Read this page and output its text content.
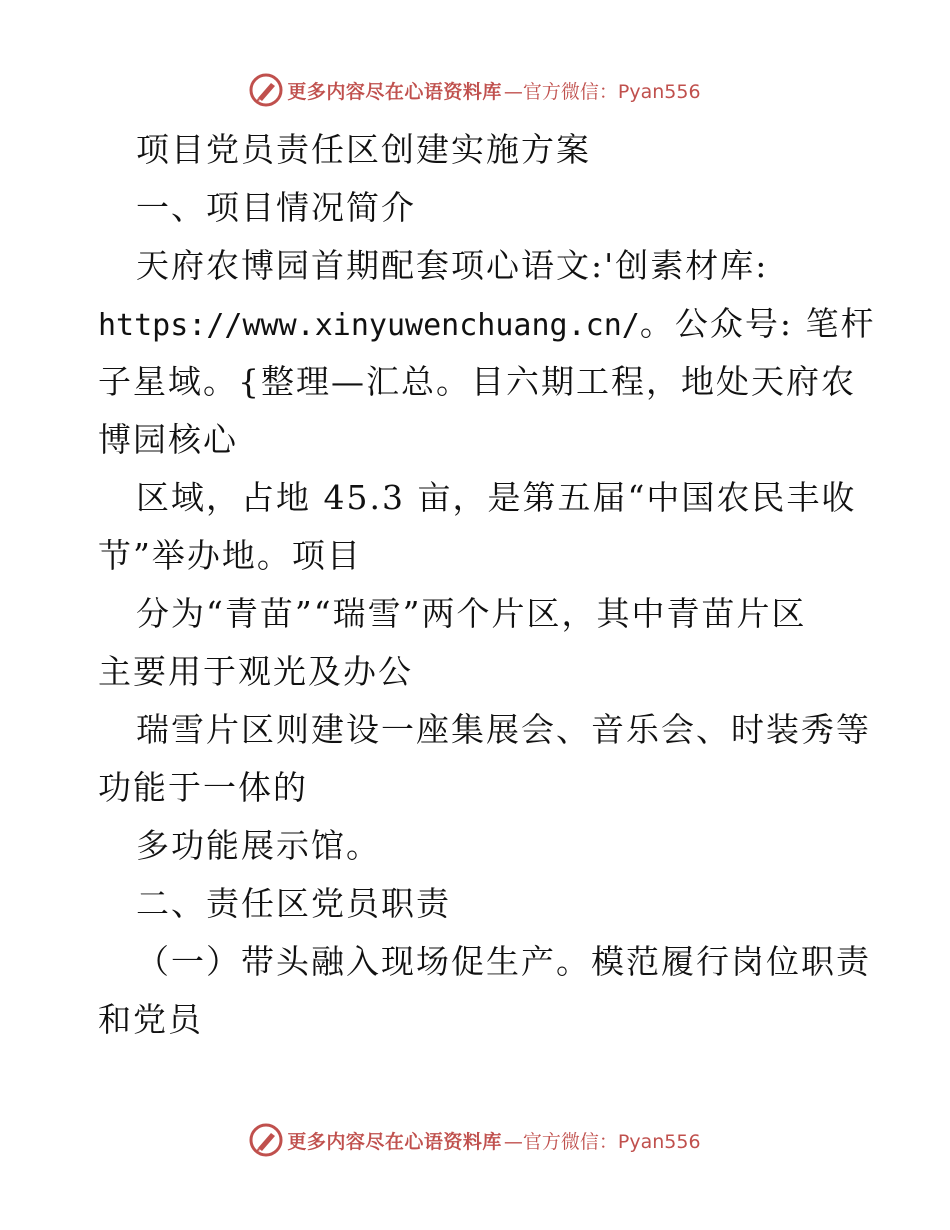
更多内容尽在心语资料库 —官方微信：Pyan556
项目党员责任区创建实施方案
一、项目情况简介
天府农博园首期配套项心语文:'创素材库:
https://www.xinyuwenchuang.cn/。公众号: 笔杆
子星域。{整理—汇总。目六期工程，地处天府农
博园核心
区域，占地 45.3 亩，是第五届“中国农民丰收
节”举办地。项目
分为“青苗”“瑞雪”两个片区，其中青苗片区
主要用于观光及办公
瑞雪片区则建设一座集展会、音乐会、时装秀等
功能于一体的
多功能展示馆。
二、责任区党员职责
（一）带头融入现场促生产。模范履行岗位职责
和党员
更多内容尽在心语资料库 —官方微信：Pyan556
